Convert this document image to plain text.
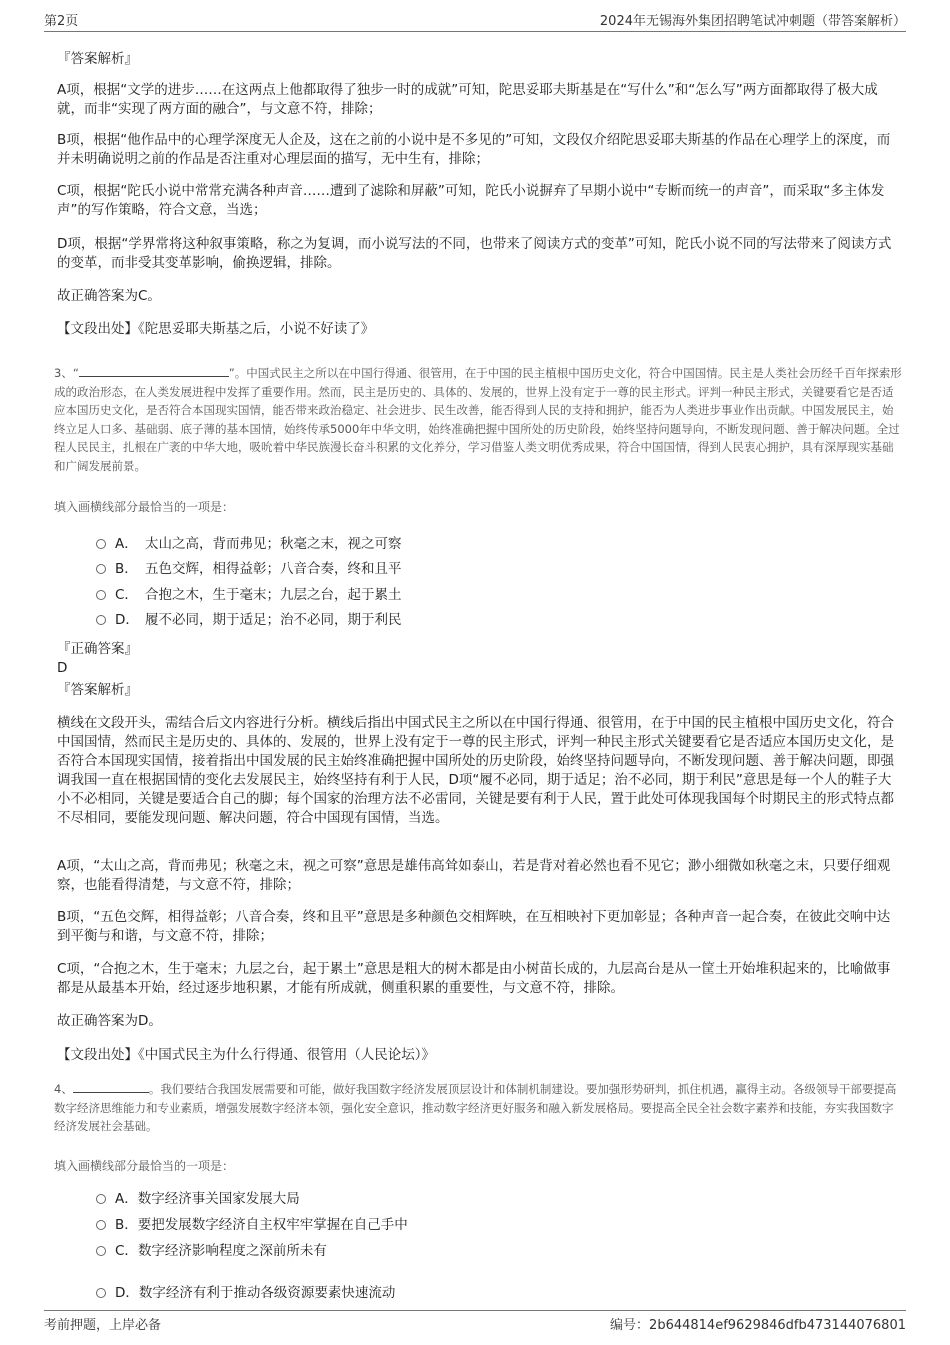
第2页	2024年无锡海外集团招聘笔试冲刺题（带答案解析）
『答案解析』
A项，根据“文学的进步……在这两点上他都取得了独步一时的成就”可知，陀思妥耶夫斯基是在“写什么”和“怎么写”两方面都取得了极大成就，而非“实现了两方面的融合”，与文意不符，排除；
B项，根据“他作品中的心理学深度无人企及，这在之前的小说中是不多见的”可知，文段仅介绍陀思妥耶夫斯基的作品在心理学上的深度，而并未明确说明之前的作品是否注重对心理层面的描写，无中生有，排除；
C项，根据“陀氏小说中常常充满各种声音……遭到了滤除和屏蔽”可知，陀氏小说摒弃了早期小说中“专断而统一的声音”，而采取“多主体发声”的写作策略，符合文意，当选；
D项，根据“学界常将这种叙事策略，称之为复调，而小说写法的不同，也带来了阅读方式的变革”可知，陀氏小说不同的写法带来了阅读方式的变革，而非受其变革影响，偷换逻辑，排除。
故正确答案为C。
【文段出处】《陀思妥耶夫斯基之后，小说不好读了》
3、“	”。中国式民主之所以在中国行得通、很管用，在于中国的民主植根中国历史文化，符合中国国情。民主是人类社会历经千百年探索形成的政治形态，在人类发展进程中发挥了重要作用。然而，民主是历史的、具体的、发展的，世界上没有定于一尊的民主形式。评判一种民主形式，关键要看它是否适应本国历史文化，是否符合本国现实国情，能否带来政治稳定、社会进步、民生改善，能否得到人民的支持和拥护，能否为人类进步事业作出贡献。中国发展民主，始终立足人口多、基础弱、底子薄的基本国情，始终传承5000年中华文明，始终准确把握中国所处的历史阶段，始终坚持问题导向，不断发现问题、善于解决问题。全过程人民民主，扎根在广袤的中华大地，吸吮着中华民族漫长奋斗积累的文化养分，学习借鉴人类文明优秀成果，符合中国国情，得到人民衷心拥护，具有深厚现实基础和广阔发展前景。
填入画横线部分最恰当的一项是：
A． 太山之高，背而弗见；秋毫之末，视之可察
B． 五色交辉，相得益彰；八音合奏，终和且平
C． 合抱之木，生于毫末；九层之台，起于累土
D． 履不必同，期于适足；治不必同，期于利民
『正确答案』
D
『答案解析』
横线在文段开头，需结合后文内容进行分析。横线后指出中国式民主之所以在中国行得通、很管用，在于中国的民主植根中国历史文化，符合中国国情，然而民主是历史的、具体的、发展的，世界上没有定于一尊的民主形式，评判一种民主形式关键要看它是否适应本国历史文化，是否符合本国现实国情，接着指出中国发展的民主始终准确把握中国所处的历史阶段，始终坚持问题导向，不断发现问题、善于解决问题，即强调我国一直在根据国情的变化去发展民主，始终坚持有利于人民，D项“履不必同，期于适足；治不必同，期于利民”意思是每一个人的鞋子大小不必相同，关键是要适合自己的脚；每个国家的治理方法不必雷同，关键是要有利于人民，置于此处可体现我国每个时期民主的形式特点都不尽相同，要能发现问题、解决问题，符合中国现有国情，当选。
A项，“太山之高，背而弗见；秋毫之末，视之可察”意思是雄伟高耸如泰山，若是背对着必然也看不见它；渺小细微如秋毫之末，只要仔细观察，也能看得清楚，与文意不符，排除；
B项，“五色交辉，相得益彰；八音合奏，终和且平”意思是多种颜色交相辉映，在互相映衬下更加彰显；各种声音一起合奏，在彼此交响中达到平衡与和谐，与文意不符，排除；
C项，“合抱之木，生于毫末；九层之台，起于累土”意思是粗大的树木都是由小树苗长成的，九层高台是从一筐土开始堆积起来的，比喻做事都是从最基本开始，经过逐步地积累，才能有所成就，侧重积累的重要性，与文意不符，排除。
故正确答案为D。
【文段出处】《中国式民主为什么行得通、很管用（人民论坛）》
4、	。我们要结合我国发展需要和可能，做好我国数字经济发展顶层设计和体制机制建设。要加强形势研判，抓住机遇，赢得主动。各级领导干部要提高数字经济思维能力和专业素质，增强发展数字经济本领，强化安全意识，推动数字经济更好服务和融入新发展格局。要提高全民全社会数字素养和技能，夯实我国数字经济发展社会基础。
填入画横线部分最恰当的一项是：
A．数字经济事关国家发展大局
B．要把发展数字经济自主权牢牢掌握在自己手中
C．数字经济影响程度之深前所未有
D．数字经济有利于推动各级资源要素快速流动
考前押题，上岸必备	编号：2b644814ef9629846dfb473144076801
